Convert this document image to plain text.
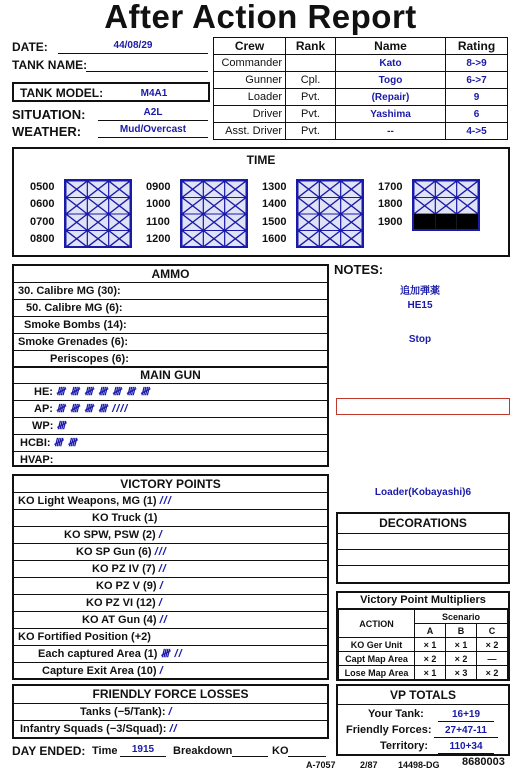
After Action Report
DATE:	44/08/29
TANK NAME:
TANK MODEL:	M4A1
SITUATION:	A2L
WEATHER:	Mud/Overcast
Crew	Rank	Name	Rating
Commander		Kato	8->9
Gunner	Cpl.	Togo	6->7
Loader	Pvt.	(Repair)	9
Driver	Pvt.	Yashima	6
Asst. Driver	Pvt.	--	4->5
TIME
0500
0600
0700
0800
0900
1000
1100
1200
1300
1400
1500
1600
1700
1800
1900
AMMO
30. Calibre MG (30):
50. Calibre MG (6):
Smoke Bombs (14):
Smoke Grenades (6):
Periscopes (6):
MAIN GUN
HE: 𝍸 𝍸 𝍸 𝍸 𝍸 𝍸 𝍸
AP: 𝍸 𝍸 𝍸 𝍸 ////
WP: 𝍸
HCBI: 𝍸 𝍸
HVAP:
NOTES:
追加弾薬
HE15
Stop
Loader(Kobayashi)6
VICTORY POINTS
KO Light Weapons, MG (1) ///
KO Truck (1)
KO SPW, PSW (2) /
KO SP Gun (6) ///
KO PZ IV (7) //
KO PZ V (9) /
KO PZ VI (12) /
KO AT Gun (4) //
KO Fortified Position (+2)
Each captured Area (1) 𝍸 //
Capture Exit Area (10) /
DECORATIONS
Victory Point Multipliers
ACTION	Scenario		
	A	B	C
KO Ger Unit	× 1	× 1	× 2
Capt Map Area	× 2	× 2	—
Lose Map Area	× 1	× 3	× 2
FRIENDLY FORCE LOSSES
Tanks (−5/Tank): /
Infantry Squads (−3/Squad): //
VP TOTALS
Your Tank:	16+19
Friendly Forces:	27+47-11
Territory:	110+34
DAY ENDED: Time	1915	Breakdown	KO
A-7057	2/87 14498-DG 8680003
